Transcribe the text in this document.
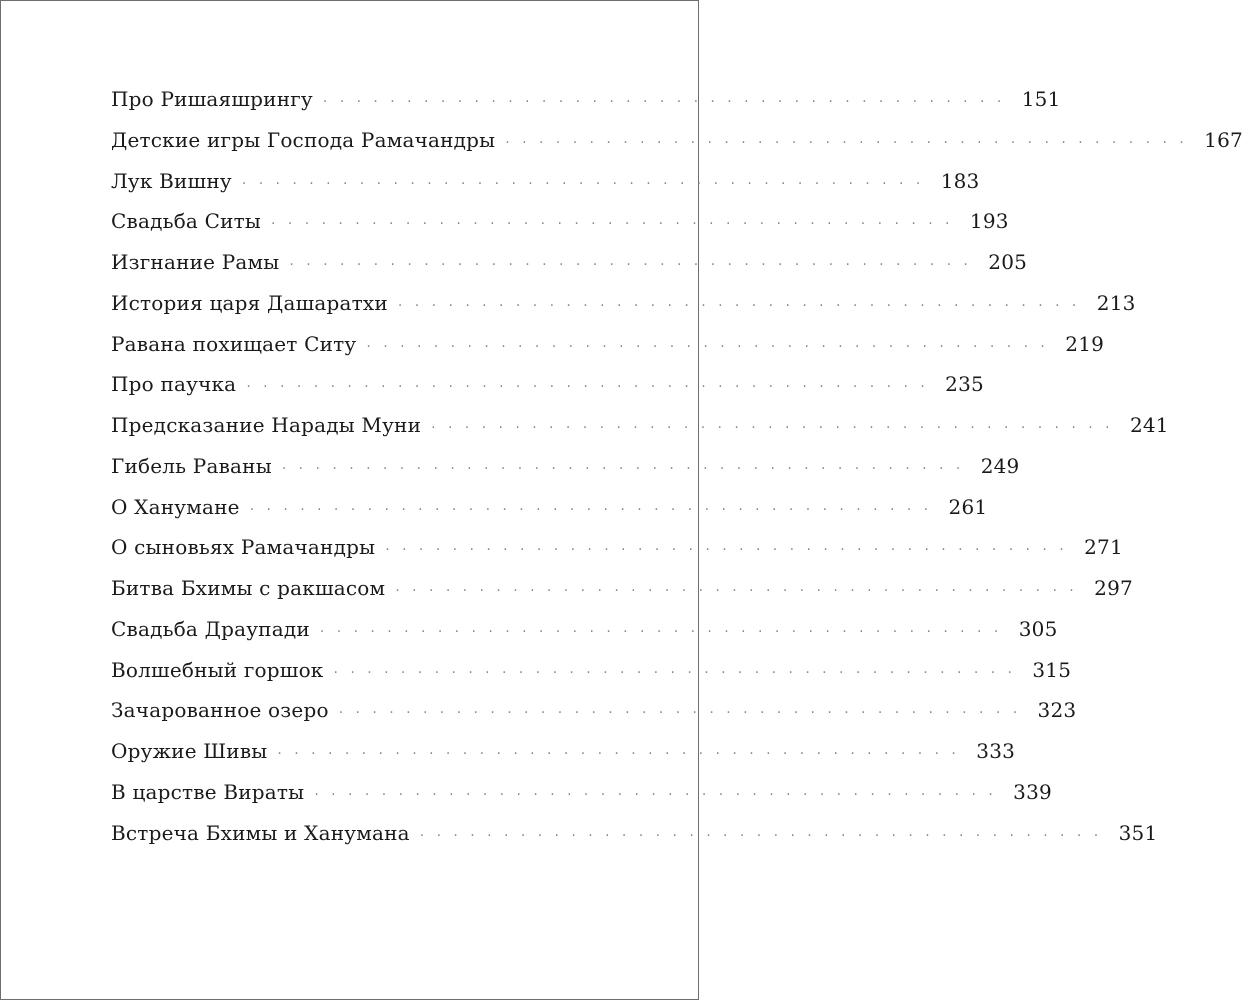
Про Ришаяшрингу ········································· 151
Детские игры Господа Рамачандры ········································· 167
Лук Вишну ········································· 183
Свадьба Ситы ········································· 193
Изгнание Рамы ········································· 205
История царя Дашаратхи ········································· 213
Равана похищает Ситу ········································· 219
Про паучка ········································· 235
Предсказание Нарады Муни ········································· 241
Гибель Раваны ········································· 249
О Ханумане ········································· 261
О сыновьях Рамачандры ········································· 271
Битва Бхимы с ракшасом ········································· 297
Свадьба Драупади ········································· 305
Волшебный горшок ········································· 315
Зачарованное озеро ········································· 323
Оружие Шивы ········································· 333
В царстве Вираты ········································· 339
Встреча Бхимы и Ханумана ········································· 351
